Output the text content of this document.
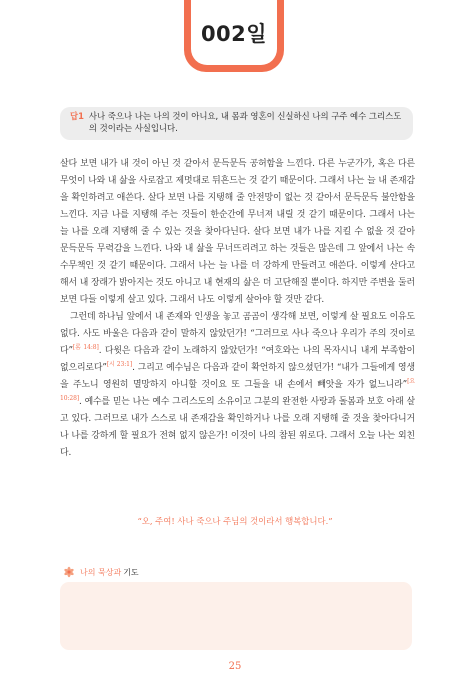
002일
답1 사나 죽으나 나는 나의 것이 아니요, 내 몸과 영혼이 신실하신 나의 구주 예수 그리스도의 것이라는 사실입니다.

살다 보면 내가 내 것이 아닌 것 같아서 문득문득 공허함을 느낀다. 다른 누군가가, 혹은 다른 무엇이 나와 내 삶을 사로잡고 제멋대로 뒤흔드는 것 같기 때문이다. 그래서 나는 늘 내 존재감을 확인하려고 애쓴다. 살다 보면 나를 지탱해 줄 안전망이 없는 것 같아서 문득문득 불안함을 느낀다. 지금 나를 지탱해 주는 것들이 한순간에 무너져 내릴 것 같기 때문이다. 그래서 나는 늘 나를 오래 지탱해 줄 수 있는 것을 찾아다닌다. 살다 보면 내가 나를 지킬 수 없을 것 같아 문득문득 무력감을 느낀다. 나와 내 삶을 무너뜨리려고 하는 것들은 많은데 그 앞에서 나는 속수무책인 것 같기 때문이다. 그래서 나는 늘 나를 더 강하게 만들려고 애쓴다. 이렇게 산다고 해서 내 장래가 밝아지는 것도 아니고 내 현재의 삶은 더 고단해질 뿐이다. 하지만 주변을 둘러보면 다들 이렇게 살고 있다. 그래서 나도 이렇게 살아야 할 것만 같다.

그런데 하나님 앞에서 내 존재와 인생을 놓고 곰곰이 생각해 보면, 이렇게 살 필요도 이유도 없다. 사도 바울은 다음과 같이 말하지 않았던가! “그러므로 사나 죽으나 우리가 주의 것이로다”[롬 14:8]. 다윗은 다음과 같이 노래하지 않았던가! “여호와는 나의 목자시니 내게 부족함이 없으리로다”[시 23:1]. 그리고 예수님은 다음과 같이 확언하지 않으셨던가! “내가 그들에게 영생을 주노니 영원히 멸망하지 아니할 것이요 또 그들을 내 손에서 빼앗을 자가 없느니라”[요 10:28]. 예수를 믿는 나는 예수 그리스도의 소유이고 그분의 완전한 사랑과 돌봄과 보호 아래 살고 있다. 그러므로 내가 스스로 내 존재감을 확인하거나 나를 오래 지탱해 줄 것을 찾아다니거나 나를 강하게 할 필요가 전혀 없지 않은가! 이것이 나의 참된 위로다. 그래서 오늘 나는 외친다.

“오, 주여! 사나 죽으나 주님의 것이라서 행복합니다.”
나의 묵상과 기도
25
